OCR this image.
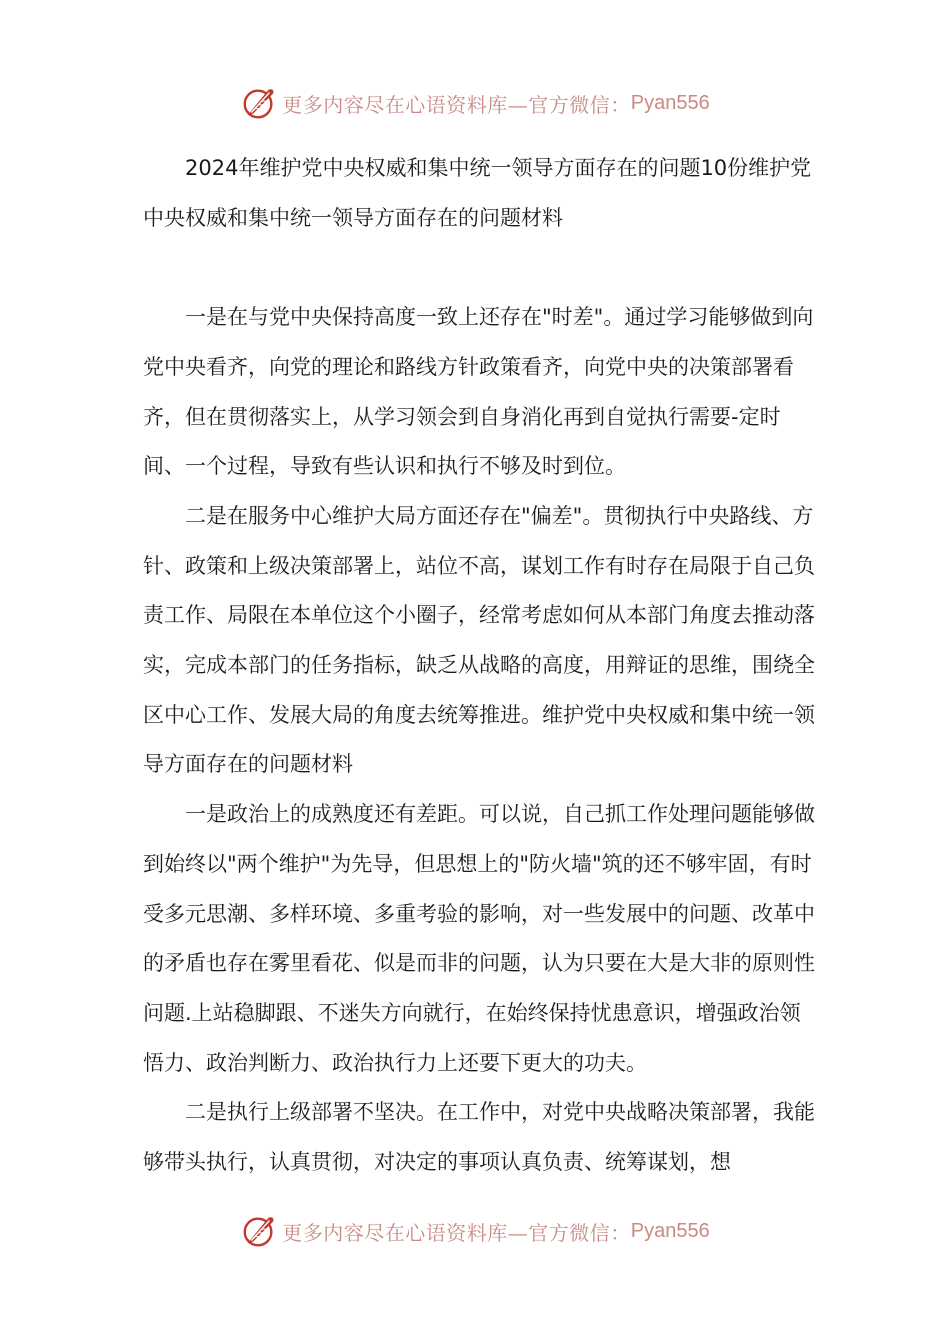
更多内容尽在心语资料库—官方微信： Pyan556

2024年维护党中央权威和集中统一领导方面存在的问题10份维护党中央权威和集中统一领导方面存在的问题材料

一是在与党中央保持高度一致上还存在"时差"。通过学习能够做到向党中央看齐，向党的理论和路线方针政策看齐，向党中央的决策部署看齐，但在贯彻落实上，从学习领会到自身消化再到自觉执行需要-定时间、一个过程，导致有些认识和执行不够及时到位。

二是在服务中心维护大局方面还存在"偏差"。贯彻执行中央路线、方针、政策和上级决策部署上，站位不高，谋划工作有时存在局限于自己负责工作、局限在本单位这个小圈子，经常考虑如何从本部门角度去推动落实，完成本部门的任务指标，缺乏从战略的高度，用辩证的思维，围绕全区中心工作、发展大局的角度去统筹推进。维护党中央权威和集中统一领导方面存在的问题材料

一是政治上的成熟度还有差距。可以说，自己抓工作处理问题能够做到始终以"两个维护"为先导，但思想上的"防火墙"筑的还不够牢固，有时受多元思潮、多样环境、多重考验的影响，对一些发展中的问题、改革中的矛盾也存在雾里看花、似是而非的问题，认为只要在大是大非的原则性问题.上站稳脚跟、不迷失方向就行，在始终保持忧患意识，增强政治领悟力、政治判断力、政治执行力上还要下更大的功夫。

二是执行上级部署不坚决。在工作中，对党中央战略决策部署，我能够带头执行，认真贯彻，对决定的事项认真负责、统筹谋划，想

更多内容尽在心语资料库—官方微信： Pyan556
